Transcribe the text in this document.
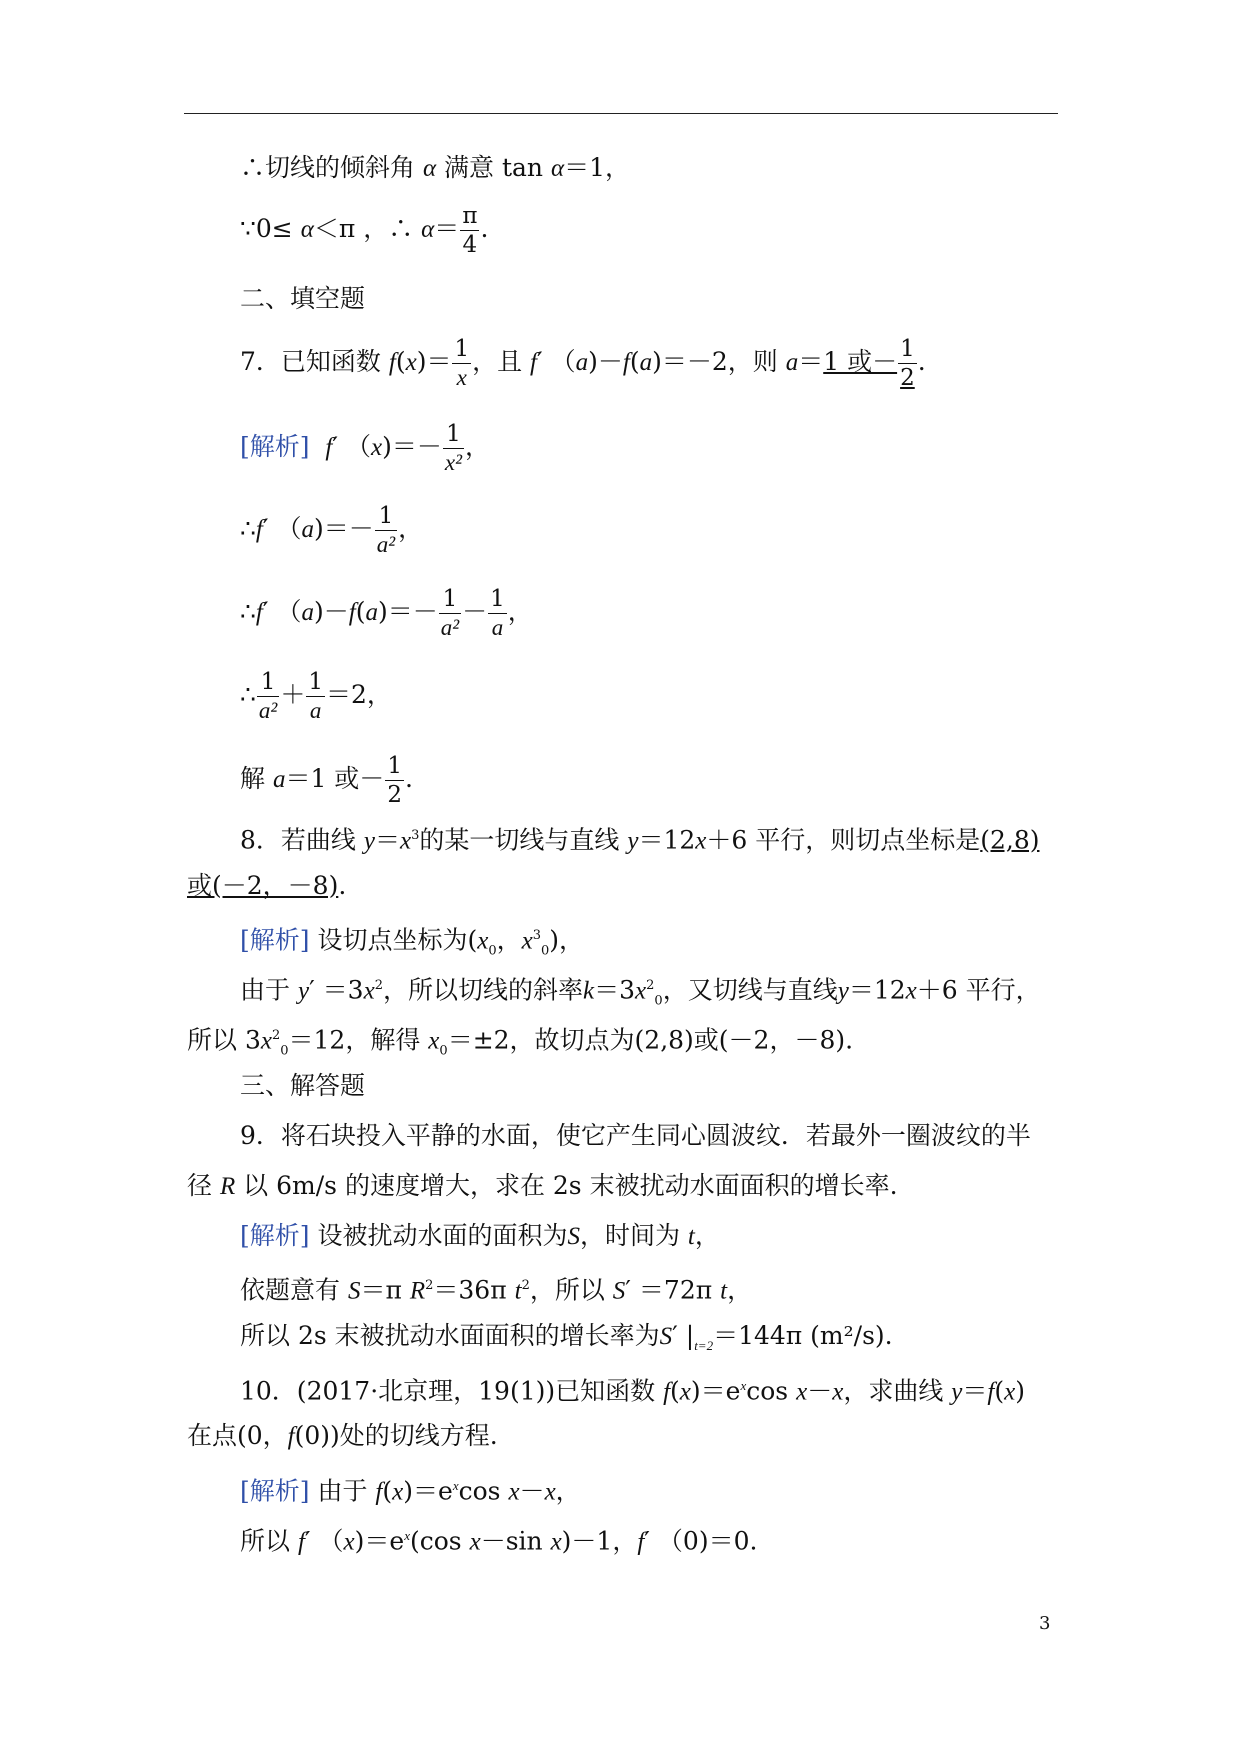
∴切线的倾斜角 α 满意 tan α＝1，
∵0≤ α＜π ，∴ $\alpha= \frac{\pi}{4}$ .
二、填空题
7．已知函数 $f(x)= \frac{1}{x}$ ，且 f′ （a)－f(a)＝－2，则 a＝1 或－ $\frac{1}{2}$ .
[解析] f′ $(x)=- \frac{1}{\text{x²}}$ ，
∴f′ $(a)=- \frac{1}{\text{a²}}$ ，
∴f′ $(a)-f(a)=- \frac{1}{\text{a²}} - \frac{1}{a}$ ，
∴ $\frac{1}{\text{a²}} + \frac{1}{a} =2$，
解 a＝1 或－ $\frac{1}{2}$ .
8．若曲线 $y=x^3$的某一切线与直线 y＝12x＋6 平行，则切点坐标是(2,8)
或(－2，－8).
[解析] 设切点坐标为($x_0$，$x^3_0$)，
由于 $y' =3x^2$，所以切线的斜率$k=3x^2_0$，又切线与直线y＝12x＋6 平行，
所以 $3x^2_0=12$，解得 $x_0=\pm 2$，故切点为(2,8)或(－2，－8).
三、解答题
9．将石块投入平静的水面，使它产生同心圆波纹．若最外一圈波纹的半
径 R 以 6m/s 的速度增大，求在 2s 末被扰动水面面积的增长率.
[解析] 设被扰动水面的面积为S，时间为 t，
依题意有 S＝π $R^2=36\pi$ $t^2$，所以 S′ ＝72π t，
所以 2s 末被扰动水面面积的增长率为S′ $|_{t=2}=144\pi$ (m²/s).
10．(2017·北京理，19(1))已知函数 $f(x)=e^x\cos$ x－x，求曲线 y＝f(x)
在点(0，f(0))处的切线方程.
[解析] 由于 $f(x)=e^x\cos$ x－x，
所以 f′ $(x)=e^x(\cos$ x－sin x)－1，f′ （0)＝0.
3
